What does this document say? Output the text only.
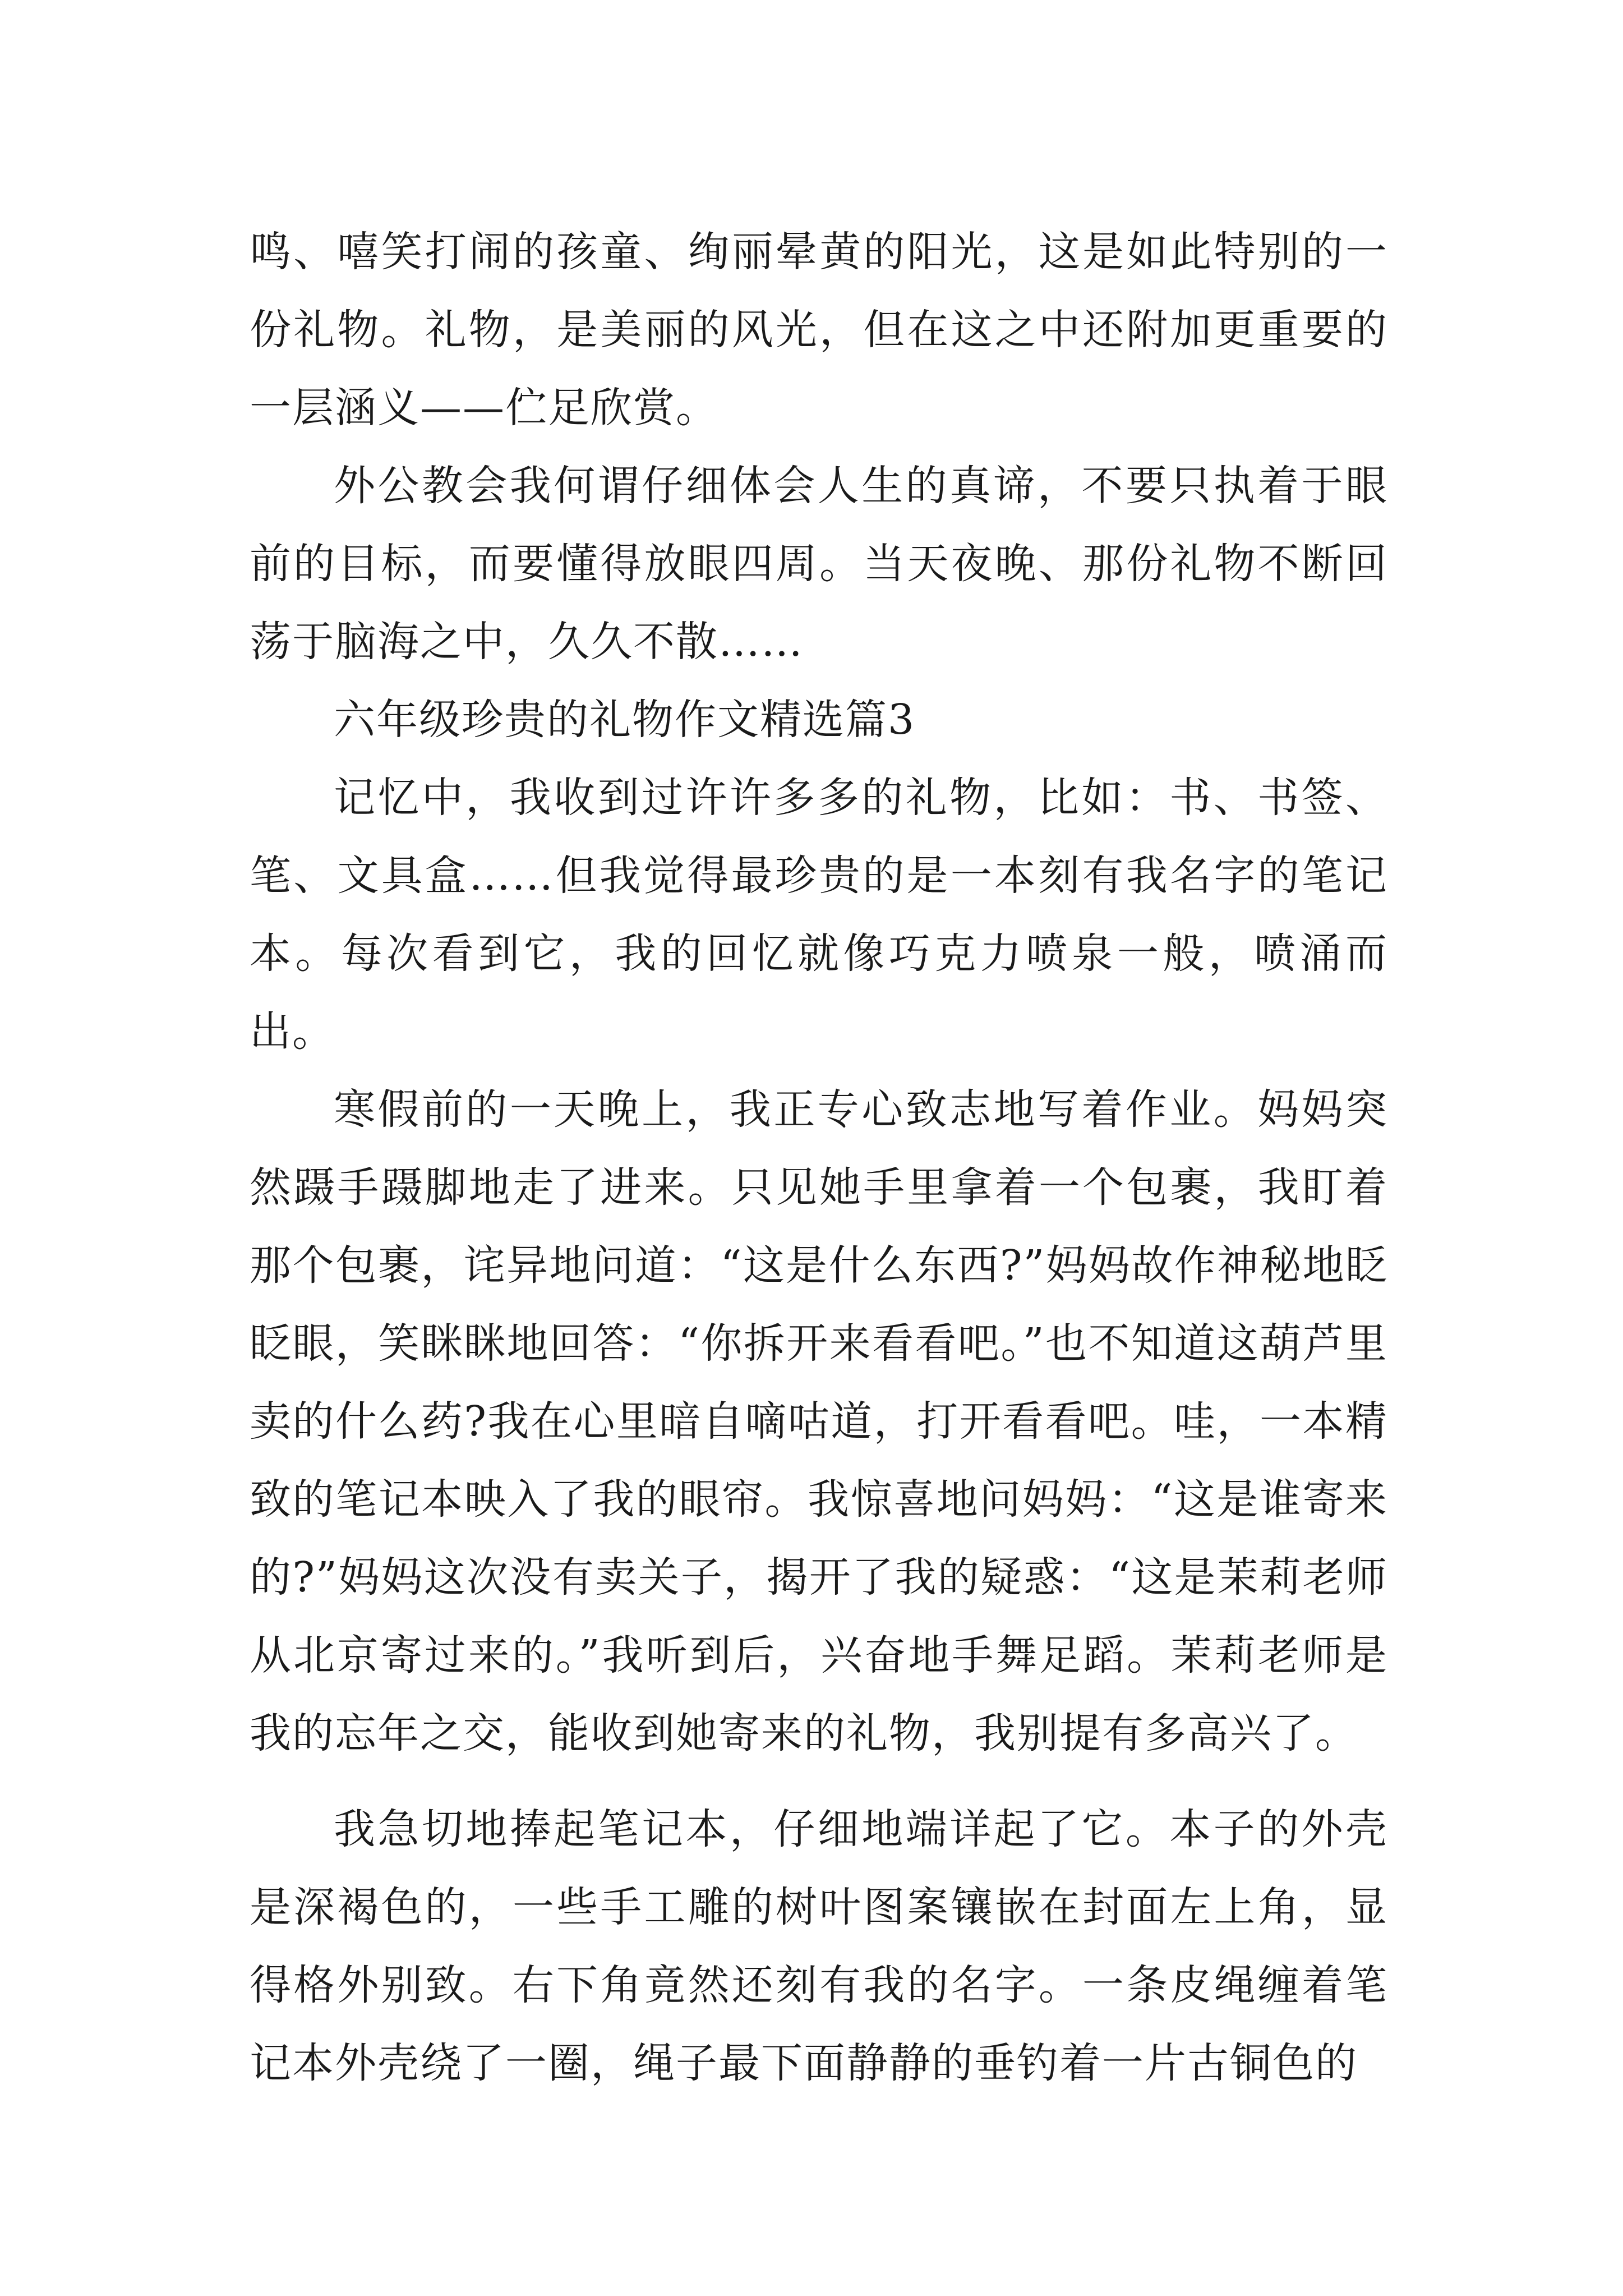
鸣、嘻笑打闹的孩童、绚丽晕黄的阳光，这是如此特别的一份礼物。礼物，是美丽的风光，但在这之中还附加更重要的一层涵义——伫足欣赏。

外公教会我何谓仔细体会人生的真谛，不要只执着于眼前的目标，而要懂得放眼四周。当天夜晚、那份礼物不断回荡于脑海之中，久久不散……

六年级珍贵的礼物作文精选篇3

记忆中，我收到过许许多多的礼物，比如：书、书签、笔、文具盒……但我觉得最珍贵的是一本刻有我名字的笔记本。每次看到它，我的回忆就像巧克力喷泉一般，喷涌而出。

寒假前的一天晚上，我正专心致志地写着作业。妈妈突然蹑手蹑脚地走了进来。只见她手里拿着一个包裹，我盯着那个包裹，诧异地问道：“这是什么东西?”妈妈故作神秘地眨眨眼，笑眯眯地回答：“你拆开来看看吧。”也不知道这葫芦里卖的什么药?我在心里暗自嘀咕道，打开看看吧。哇，一本精致的笔记本映入了我的眼帘。我惊喜地问妈妈：“这是谁寄来的?”妈妈这次没有卖关子，揭开了我的疑惑：“这是茉莉老师从北京寄过来的。”我听到后，兴奋地手舞足蹈。茉莉老师是我的忘年之交，能收到她寄来的礼物，我别提有多高兴了。

我急切地捧起笔记本，仔细地端详起了它。本子的外壳是深褐色的，一些手工雕的树叶图案镶嵌在封面左上角，显得格外别致。右下角竟然还刻有我的名字。一条皮绳缠着笔记本外壳绕了一圈，绳子最下面静静的垂钓着一片古铜色的
